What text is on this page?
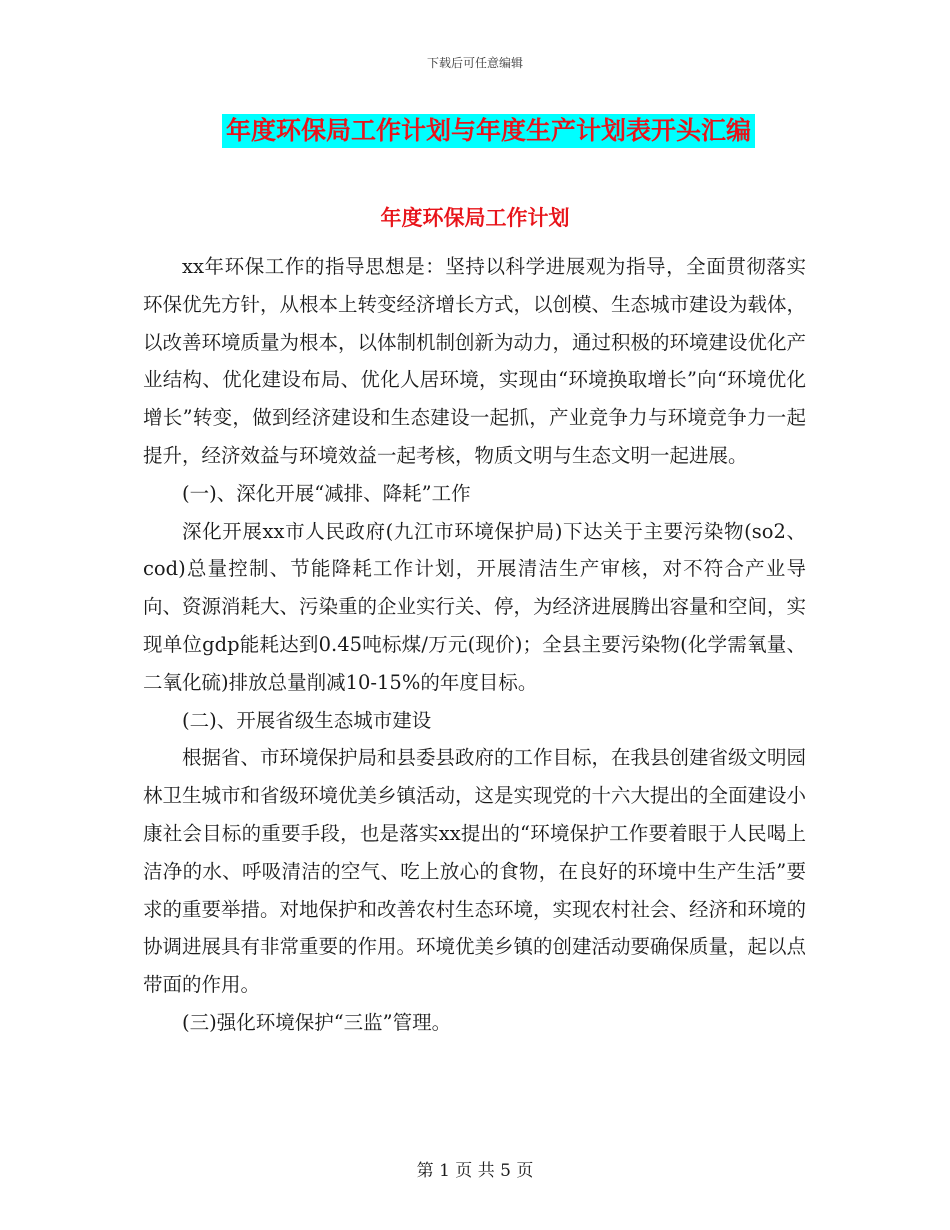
下载后可任意编辑
年度环保局工作计划与年度生产计划表开头汇编
年度环保局工作计划

xx年环保工作的指导思想是：坚持以科学进展观为指导，全面贯彻落实环保优先方针，从根本上转变经济增长方式，以创模、生态城市建设为载体，以改善环境质量为根本，以体制机制创新为动力，通过积极的环境建设优化产业结构、优化建设布局、优化人居环境，实现由“环境换取增长”向“环境优化增长”转变，做到经济建设和生态建设一起抓，产业竞争力与环境竞争力一起提升，经济效益与环境效益一起考核，物质文明与生态文明一起进展。

(一)、深化开展“减排、降耗”工作

深化开展xx市人民政府(九江市环境保护局)下达关于主要污染物(so2、cod)总量控制、节能降耗工作计划，开展清洁生产审核，对不符合产业导向、资源消耗大、污染重的企业实行关、停，为经济进展腾出容量和空间，实现单位gdp能耗达到0.45吨标煤/万元(现价)；全县主要污染物(化学需氧量、二氧化硫)排放总量削减10-15%的年度目标。

(二)、开展省级生态城市建设

根据省、市环境保护局和县委县政府的工作目标，在我县创建省级文明园林卫生城市和省级环境优美乡镇活动，这是实现党的十六大提出的全面建设小康社会目标的重要手段，也是落实xx提出的“环境保护工作要着眼于人民喝上洁净的水、呼吸清洁的空气、吃上放心的食物，在良好的环境中生产生活”要求的重要举措。对地保护和改善农村生态环境，实现农村社会、经济和环境的协调进展具有非常重要的作用。环境优美乡镇的创建活动要确保质量，起以点带面的作用。

(三)强化环境保护“三监”管理。

第 1 页 共 5 页
